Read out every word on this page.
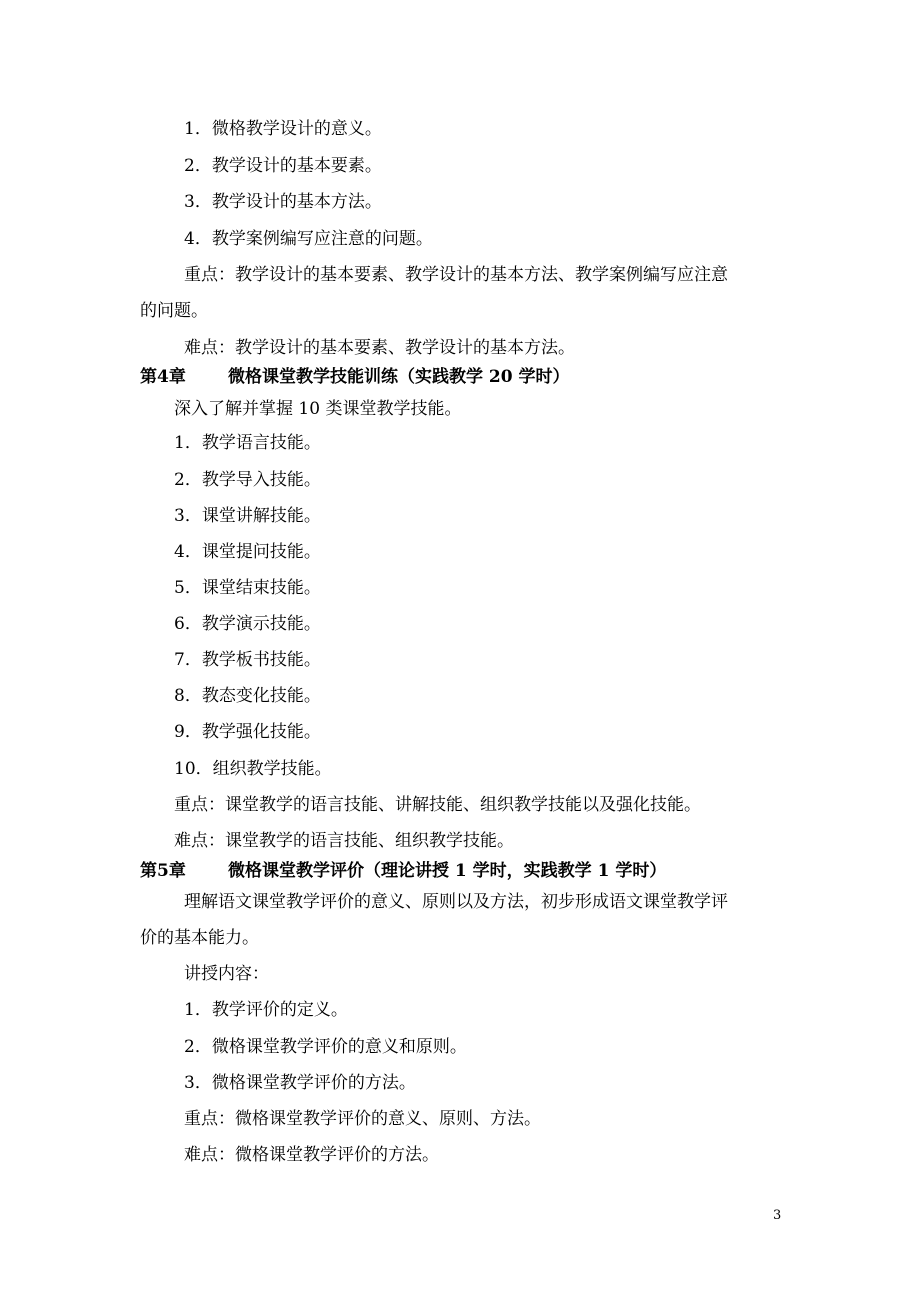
1．微格教学设计的意义。
2．教学设计的基本要素。
3．教学设计的基本方法。
4．教学案例编写应注意的问题。
重点：教学设计的基本要素、教学设计的基本方法、教学案例编写应注意
的问题。
难点：教学设计的基本要素、教学设计的基本方法。
第4章 微格课堂教学技能训练（实践教学 20 学时）
深入了解并掌握 10 类课堂教学技能。
1．教学语言技能。
2．教学导入技能。
3．课堂讲解技能。
4．课堂提问技能。
5．课堂结束技能。
6．教学演示技能。
7．教学板书技能。
8．教态变化技能。
9．教学强化技能。
10．组织教学技能。
重点：课堂教学的语言技能、讲解技能、组织教学技能以及强化技能。
难点：课堂教学的语言技能、组织教学技能。
第5章 微格课堂教学评价（理论讲授 1 学时，实践教学 1 学时）
理解语文课堂教学评价的意义、原则以及方法，初步形成语文课堂教学评
价的基本能力。
讲授内容：
1．教学评价的定义。
2．微格课堂教学评价的意义和原则。
3．微格课堂教学评价的方法。
重点：微格课堂教学评价的意义、原则、方法。
难点：微格课堂教学评价的方法。
3
